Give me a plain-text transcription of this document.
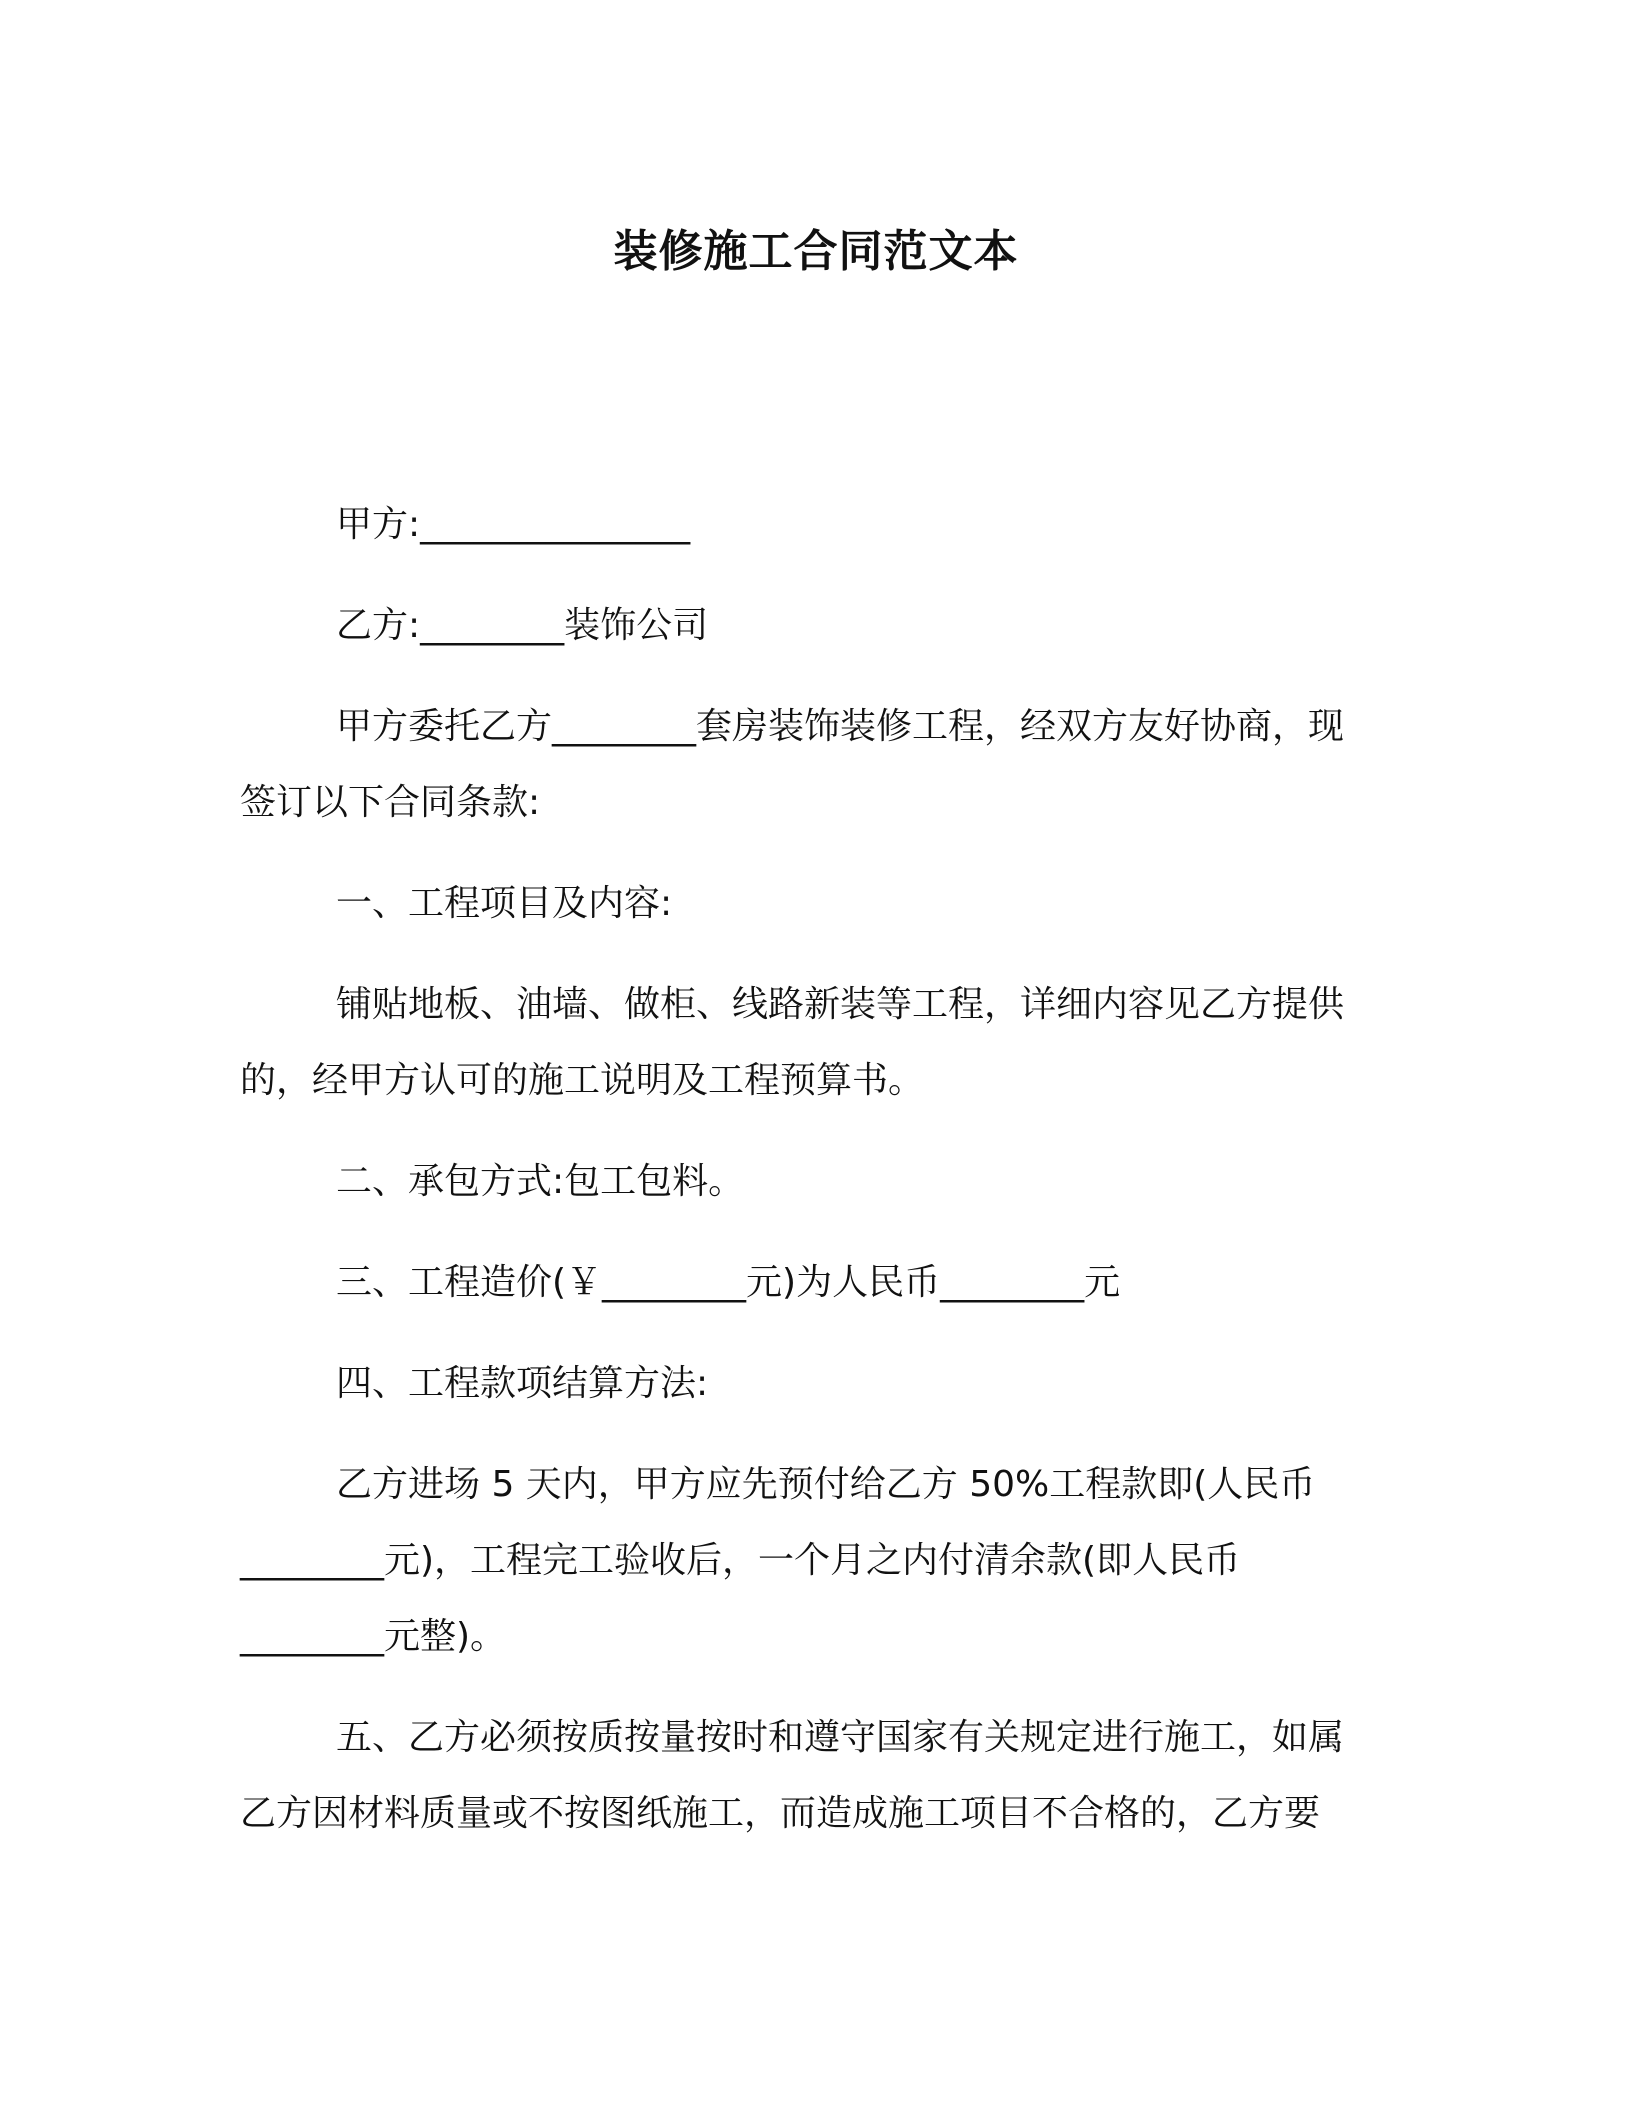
装修施工合同范文本
甲方:_______________
乙方:________装饰公司
甲方委托乙方________套房装饰装修工程，经双方友好协商，现
签订以下合同条款:
一、工程项目及内容:
铺贴地板、油墙、做柜、线路新装等工程，详细内容见乙方提供
的，经甲方认可的施工说明及工程预算书。
二、承包方式:包工包料。
三、工程造价(￥________元)为人民币________元
四、工程款项结算方法:
乙方进场 5 天内，甲方应先预付给乙方 50%工程款即(人民币
________元)，工程完工验收后，一个月之内付清余款(即人民币
________元整)。
五、乙方必须按质按量按时和遵守国家有关规定进行施工，如属
乙方因材料质量或不按图纸施工，而造成施工项目不合格的，乙方要
